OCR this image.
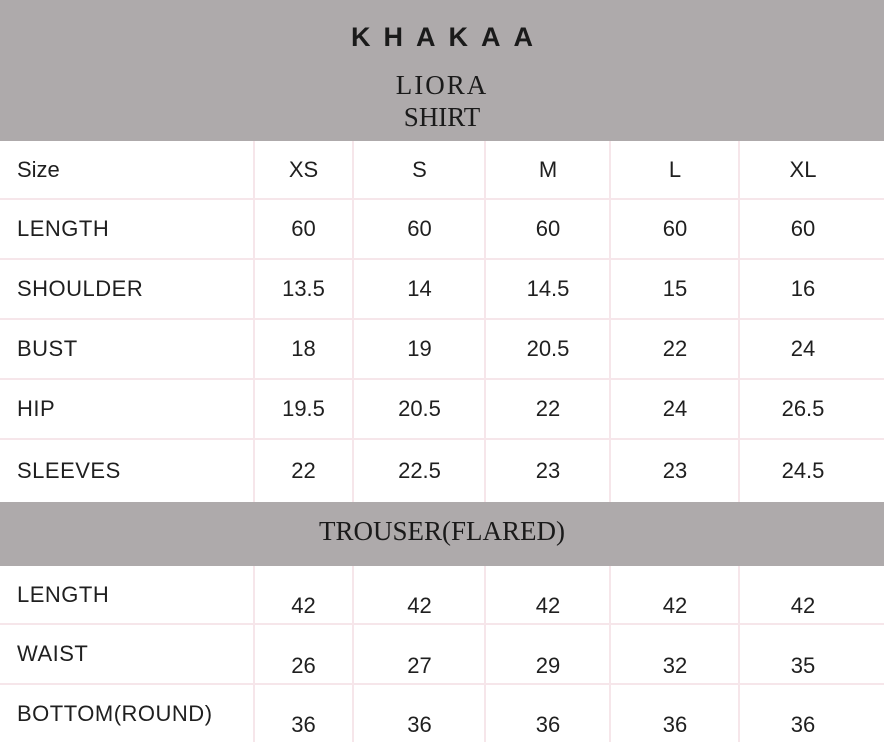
KHAKAA
LIORA
SHIRT
Size	XS	S	M	L	XL
LENGTH	60	60	60	60	60
SHOULDER	13.5	14	14.5	15	16
BUST	18	19	20.5	22	24
HIP	19.5	20.5	22	24	26.5
SLEEVES	22	22.5	23	23	24.5
TROUSER(FLARED)
LENGTH	42	42	42	42	42
WAIST	26	27	29	32	35
BOTTOM(ROUND)	36	36	36	36	36
